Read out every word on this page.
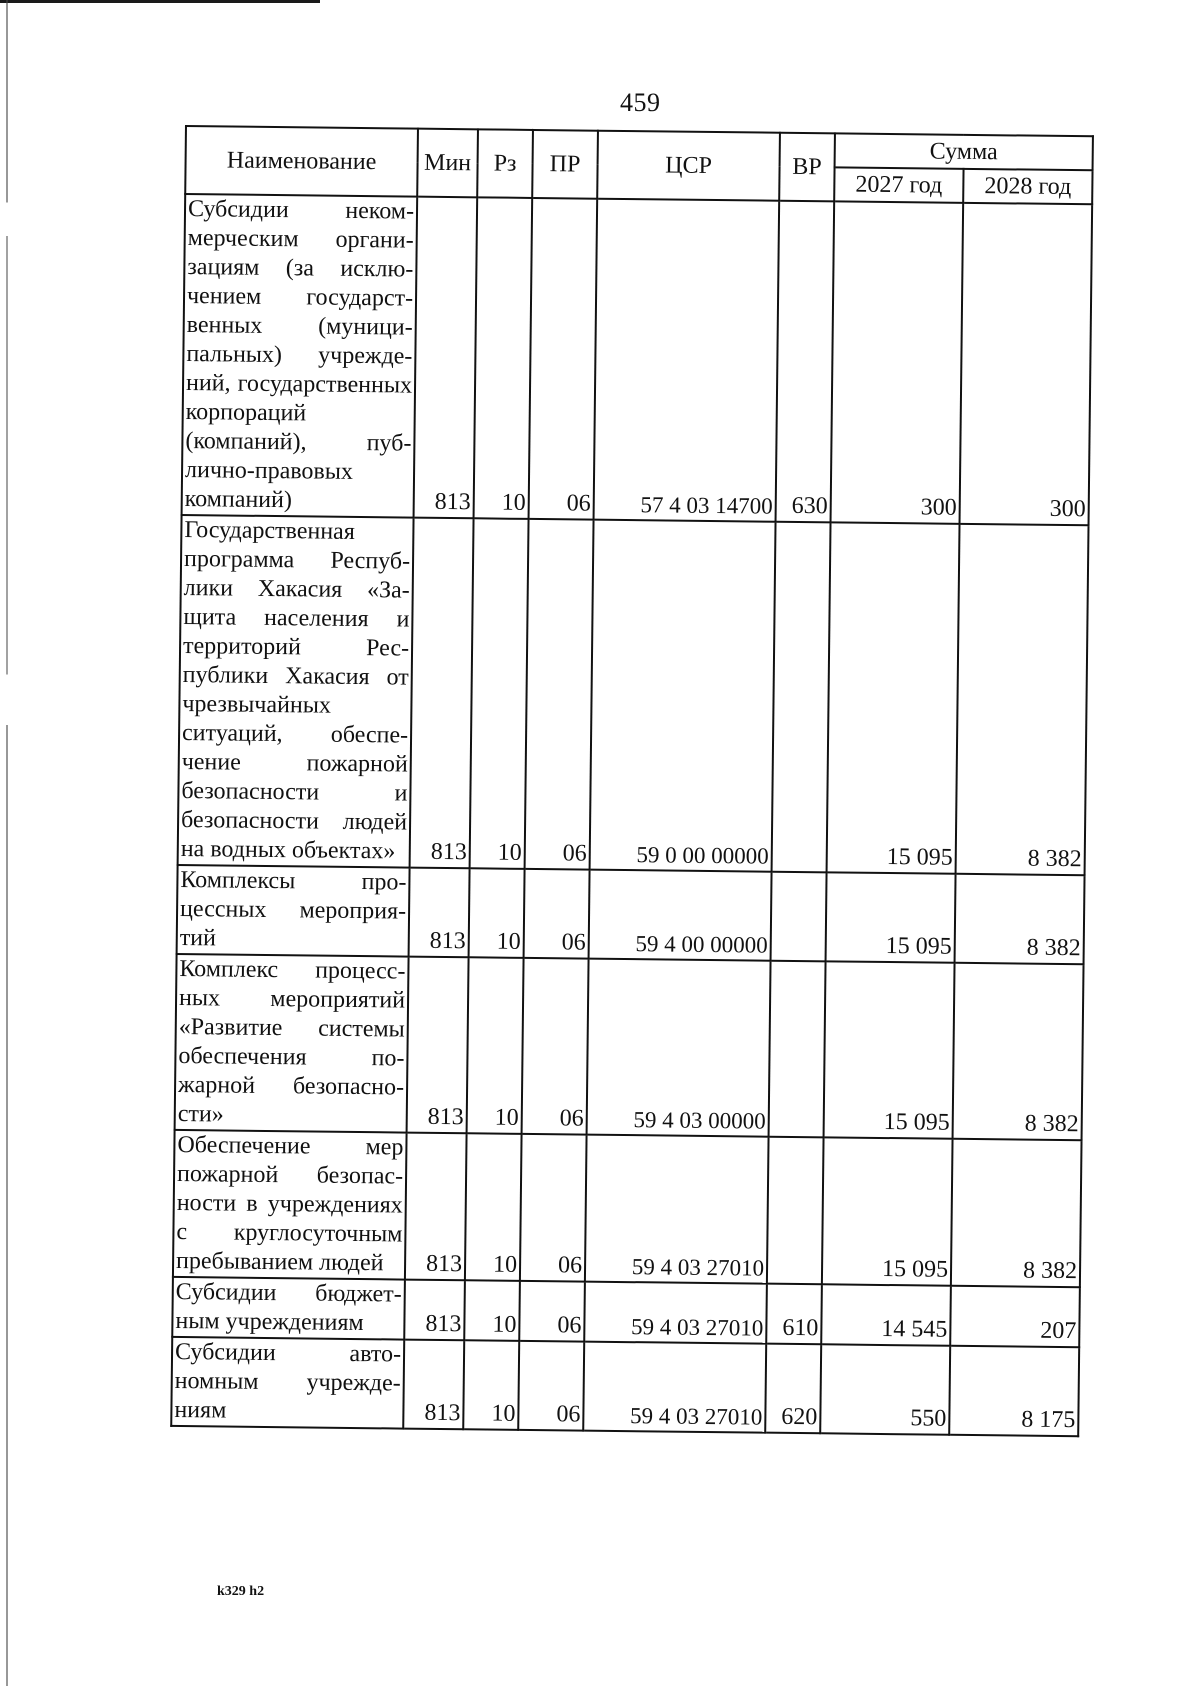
459
Наименование	Мин	Рз	ПР	ЦСР	ВР	Сумма	
						2027 год	2028 год
Субсидии некоммерческим организациям (за исключением государственных (муниципальных) учреждений, государственных корпораций (компаний), публично-правовых компаний)	813	10	06	57 4 03 14700	630	300	300
Государственная программа Республики Хакасия «Защита населения и территорий Республики Хакасия от чрезвычайных ситуаций, обеспечение пожарной безопасности и безопасности людей на водных объектах»	813	10	06	59 0 00 00000		15 095	8 382
Комплексы процессных мероприятий	813	10	06	59 4 00 00000		15 095	8 382
Комплекс процессных мероприятий «Развитие системы обеспечения пожарной безопасности»	813	10	06	59 4 03 00000		15 095	8 382
Обеспечение мер пожарной безопасности в учреждениях с круглосуточным пребыванием людей	813	10	06	59 4 03 27010		15 095	8 382
Субсидии бюджетным учреждениям	813	10	06	59 4 03 27010	610	14 545	207
Субсидии автономным учреждениям	813	10	06	59 4 03 27010	620	550	8 175
k329 h2
